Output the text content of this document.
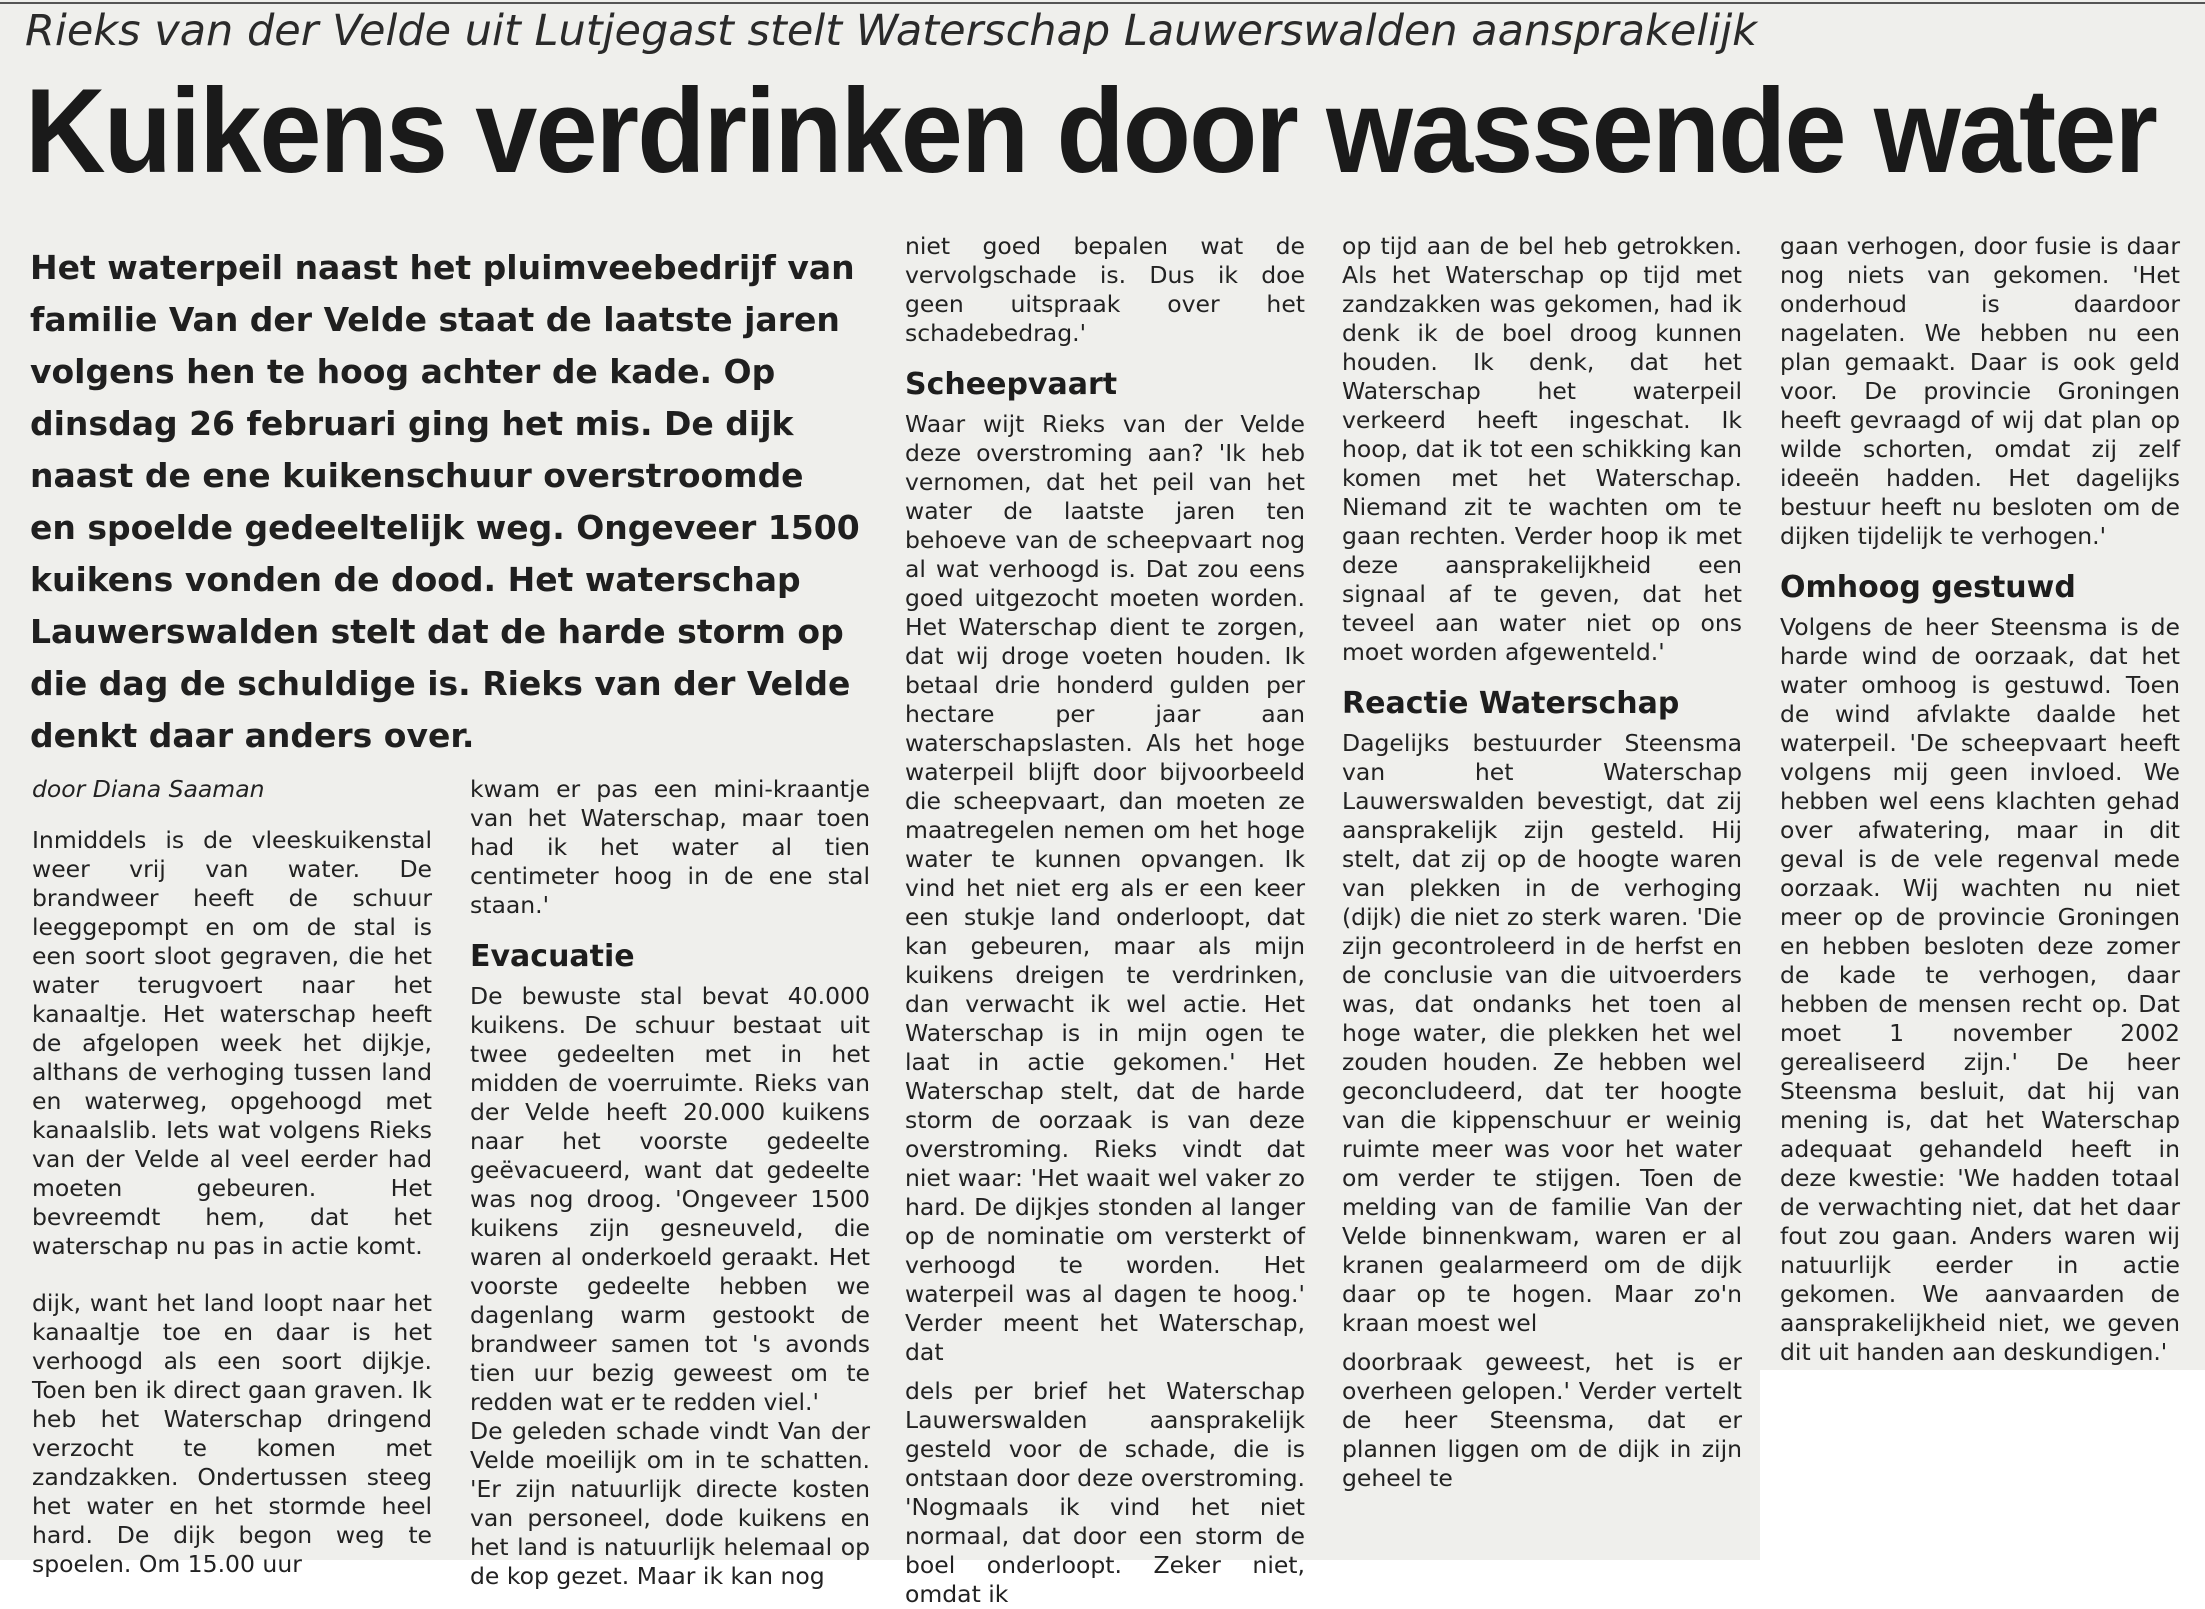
Rieks van der Velde uit Lutjegast stelt Waterschap Lauwerswalden aansprakelijk
Kuikens verdrinken door wassende water
Het waterpeil naast het pluimveebedrijf van familie Van der Velde staat de laatste jaren volgens hen te hoog achter de kade. Op dinsdag 26 februari ging het mis. De dijk naast de ene kuikenschuur overstroomde en spoelde gedeeltelijk weg. Ongeveer 1500 kuikens vonden de dood. Het waterschap Lauwerswalden stelt dat de harde storm op die dag de schuldige is. Rieks van der Velde denkt daar anders over.

door Diana Saaman

Inmiddels is de vleeskuikenstal weer vrij van water. De brandweer heeft de schuur leeggepompt en om de stal is een soort sloot gegraven, die het water terugvoert naar het kanaaltje. Het waterschap heeft de afgelopen week het dijkje, althans de verhoging tussen land en waterweg, opgehoogd met kanaalslib. Iets wat volgens Rieks van der Velde al veel eerder had moeten gebeuren. Het bevreemdt hem, dat het waterschap nu pas in actie komt.

dijk, want het land loopt naar het kanaaltje toe en daar is het verhoogd als een soort dijkje. Toen ben ik direct gaan graven. Ik heb het Waterschap dringend verzocht te komen met zandzakken. Ondertussen steeg het water en het stormde heel hard. De dijk begon weg te spoelen. Om 15.00 uur

kwam er pas een mini-kraantje van het Waterschap, maar toen had ik het water al tien centimeter hoog in de ene stal staan.'

Evacuatie

De bewuste stal bevat 40.000 kuikens. De schuur bestaat uit twee gedeelten met in het midden de voerruimte. Rieks van der Velde heeft 20.000 kuikens naar het voorste gedeelte geëvacueerd, want dat gedeelte was nog droog. 'Ongeveer 1500 kuikens zijn gesneuveld, die waren al onderkoeld geraakt. Het voorste gedeelte hebben we dagenlang warm gestookt de brandweer samen tot 's avonds tien uur bezig geweest om te redden wat er te redden viel.'

De geleden schade vindt Van der Velde moeilijk om in te schatten. 'Er zijn natuurlijk directe kosten van personeel, dode kuikens en het land is natuurlijk helemaal op de kop gezet. Maar ik kan nog

niet goed bepalen wat de vervolgschade is. Dus ik doe geen uitspraak over het schadebedrag.'

Scheepvaart

Waar wijt Rieks van der Velde deze overstroming aan? 'Ik heb vernomen, dat het peil van het water de laatste jaren ten behoeve van de scheepvaart nog al wat verhoogd is. Dat zou eens goed uitgezocht moeten worden. Het Waterschap dient te zorgen, dat wij droge voeten houden. Ik betaal drie honderd gulden per hectare per jaar aan waterschapslasten. Als het hoge waterpeil blijft door bijvoorbeeld die scheepvaart, dan moeten ze maatregelen nemen om het hoge water te kunnen opvangen. Ik vind het niet erg als er een keer een stukje land onderloopt, dat kan gebeuren, maar als mijn kuikens dreigen te verdrinken, dan verwacht ik wel actie. Het Waterschap is in mijn ogen te laat in actie gekomen.' Het Waterschap stelt, dat de harde storm de oorzaak is van deze overstroming. Rieks vindt dat niet waar: 'Het waait wel vaker zo hard. De dijkjes stonden al langer op de nominatie om versterkt of verhoogd te worden. Het waterpeil was al dagen te hoog.' Verder meent het Waterschap, dat

dels per brief het Waterschap Lauwerswalden aansprakelijk gesteld voor de schade, die is ontstaan door deze overstroming. 'Nogmaals ik vind het niet normaal, dat door een storm de boel onderloopt. Zeker niet, omdat ik

op tijd aan de bel heb getrokken. Als het Waterschap op tijd met zandzakken was gekomen, had ik denk ik de boel droog kunnen houden. Ik denk, dat het Waterschap het waterpeil verkeerd heeft ingeschat. Ik hoop, dat ik tot een schikking kan komen met het Waterschap. Niemand zit te wachten om te gaan rechten. Verder hoop ik met deze aansprakelijkheid een signaal af te geven, dat het teveel aan water niet op ons moet worden afgewenteld.'

Reactie Waterschap

Dagelijks bestuurder Steensma van het Waterschap Lauwerswalden bevestigt, dat zij aansprakelijk zijn gesteld. Hij stelt, dat zij op de hoogte waren van plekken in de verhoging (dijk) die niet zo sterk waren. 'Die zijn gecontroleerd in de herfst en de conclusie van die uitvoerders was, dat ondanks het toen al hoge water, die plekken het wel zouden houden. Ze hebben wel geconcludeerd, dat ter hoogte van die kippenschuur er weinig ruimte meer was voor het water om verder te stijgen. Toen de melding van de familie Van der Velde binnenkwam, waren er al kranen gealarmeerd om de dijk daar op te hogen. Maar zo'n kraan moest wel

doorbraak geweest, het is er overheen gelopen.' Verder vertelt de heer Steensma, dat er plannen liggen om de dijk in zijn geheel te

gaan verhogen, door fusie is daar nog niets van gekomen. 'Het onderhoud is daardoor nagelaten. We hebben nu een plan gemaakt. Daar is ook geld voor. De provincie Groningen heeft gevraagd of wij dat plan op wilde schorten, omdat zij zelf ideeën hadden. Het dagelijks bestuur heeft nu besloten om de dijken tijdelijk te verhogen.'

Omhoog gestuwd

Volgens de heer Steensma is de harde wind de oorzaak, dat het water omhoog is gestuwd. Toen de wind afvlakte daalde het waterpeil. 'De scheepvaart heeft volgens mij geen invloed. We hebben wel eens klachten gehad over afwatering, maar in dit geval is de vele regenval mede oorzaak. Wij wachten nu niet meer op de provincie Groningen en hebben besloten deze zomer de kade te verhogen, daar hebben de mensen recht op. Dat moet 1 november 2002 gerealiseerd zijn.' De heer Steensma besluit, dat hij van mening is, dat het Waterschap adequaat gehandeld heeft in deze kwestie: 'We hadden totaal de verwachting niet, dat het daar fout zou gaan. Anders waren wij natuurlijk eerder in actie gekomen. We aanvaarden de aansprakelijkheid niet, we geven dit uit handen aan deskundigen.'
